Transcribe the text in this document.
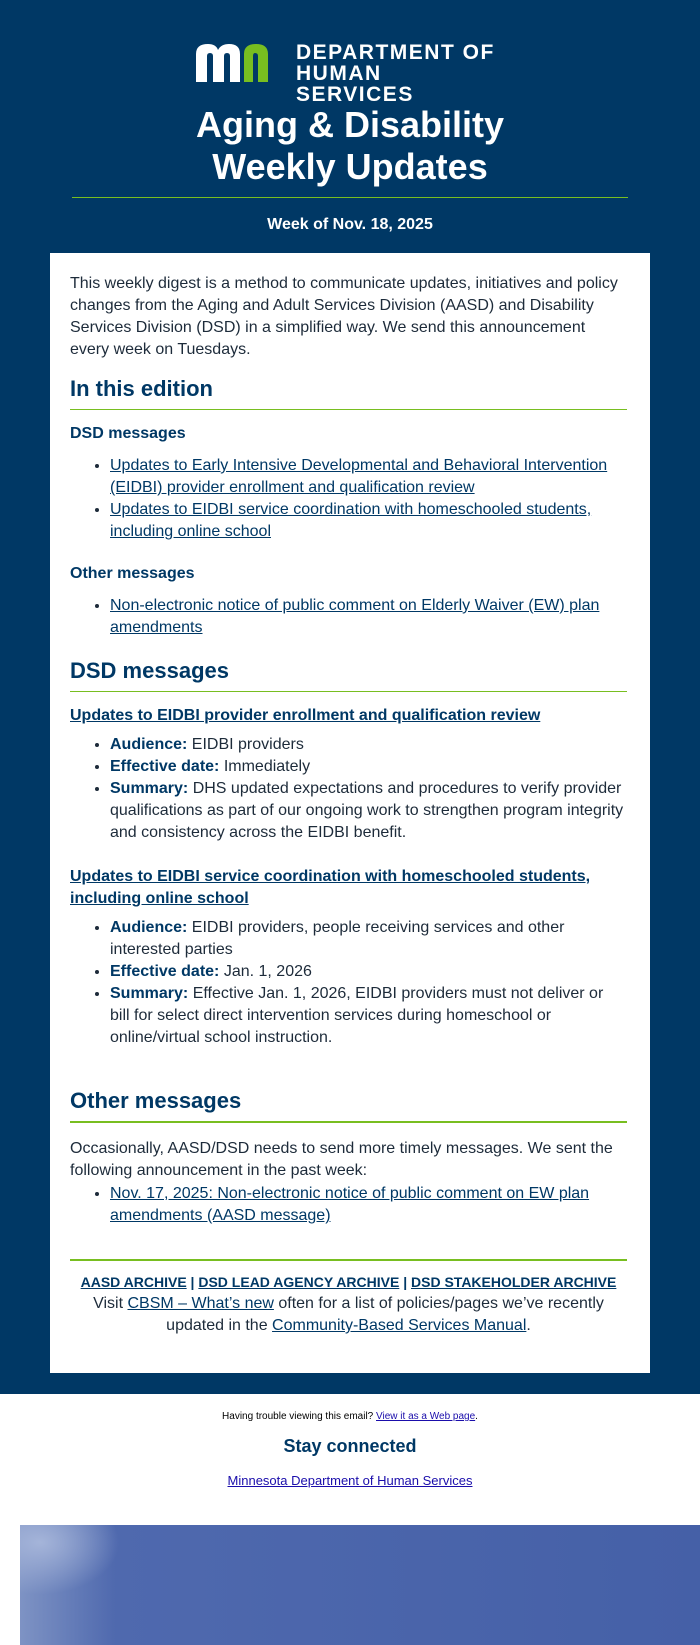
DEPARTMENT OF
HUMAN SERVICES
Aging & Disability
Weekly Updates
Week of Nov. 18, 2025

This weekly digest is a method to communicate updates, initiatives and policy changes from the Aging and Adult Services Division (AASD) and Disability Services Division (DSD) in a simplified way. We send this announcement every week on Tuesdays.

In this edition
DSD messages
• Updates to Early Intensive Developmental and Behavioral Intervention (EIDBI) provider enrollment and qualification review
• Updates to EIDBI service coordination with homeschooled students, including online school
Other messages
• Non-electronic notice of public comment on Elderly Waiver (EW) plan amendments
DSD messages
Updates to EIDBI provider enrollment and qualification review
• Audience: EIDBI providers
• Effective date: Immediately
• Summary: DHS updated expectations and procedures to verify provider qualifications as part of our ongoing work to strengthen program integrity and consistency across the EIDBI benefit.
Updates to EIDBI service coordination with homeschooled students, including online school
• Audience: EIDBI providers, people receiving services and other interested parties
• Effective date: Jan. 1, 2026
• Summary: Effective Jan. 1, 2026, EIDBI providers must not deliver or bill for select direct intervention services during homeschool or online/virtual school instruction.
Other messages

Occasionally, AASD/DSD needs to send more timely messages. We sent the following announcement in the past week:

• Nov. 17, 2025: Non-electronic notice of public comment on EW plan amendments (AASD message)
AASD ARCHIVE | DSD LEAD AGENCY ARCHIVE | DSD STAKEHOLDER ARCHIVE
Visit CBSM – What’s new often for a list of policies/pages we’ve recently updated in the Community-Based Services Manual.
Having trouble viewing this email? View it as a Web page.
Stay connected
Minnesota Department of Human Services
